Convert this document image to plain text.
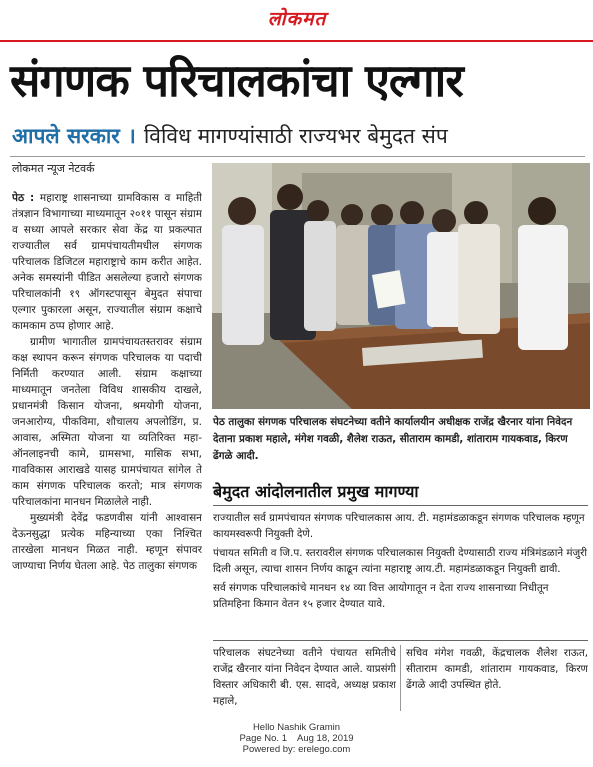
लोकमत
संगणक परिचालकांचा एल्गार
आपले सरकार । विविध मागण्यांसाठी राज्यभर बेमुदत संप
लोकमत न्यूज नेटवर्क

पेठ : महाराष्ट्र शासनाच्या ग्रामविकास व माहिती तंत्रज्ञान विभागाच्या माध्यमातून २०११ पासून संग्राम व सध्या आपले सरकार सेवा केंद्र या प्रकल्पात राज्यातील सर्व ग्रामपंचायतीमधील संगणक परिचालक डिजिटल महाराष्ट्राचे काम करीत आहेत. अनेक समस्यांनी पीडित असलेल्या हजारो संगणक परिचालकांनी १९ ऑगस्टपासून बेमुदत संपाचा एल्गार पुकारला असून, राज्यातील संग्राम कक्षाचे कामकाम ठप्प होणार आहे.

ग्रामीण भागातील ग्रामपंचायतस्तरावर संग्राम कक्ष स्थापन करून संगणक परिचालक या पदाची निर्मिती करण्यात आली. संग्राम कक्षाच्या माध्यमातून जनतेला विविध शासकीय दाखले, प्रधानमंत्री किसान योजना, श्रमयोगी योजना, जनआरोग्य, पीकविमा, शौचालय अपलोडिंग, प्र. आवास, अस्मिता योजना या व्यतिरिक्त महा-ऑनलाइनची कामे, ग्रामसभा, मासिक सभा, गावविकास आराखडे यासह ग्रामपंचायत सांगेल ते काम संगणक परिचालक करतो; मात्र संगणक परिचालकांना मानधन मिळालेले नाही.

मुख्यमंत्री देवेंद्र फडणवीस यांनी आश्वासन देऊनसुद्धा प्रत्येक महिन्याच्या एका निश्चित तारखेला मानधन मिळत नाही. म्हणून संपावर जाण्याचा निर्णय घेतला आहे. पेठ तालुका संगणक

पेठ तालुका संगणक परिचालक संघटनेच्या वतीने कार्यालयीन अधीक्षक राजेंद्र खैरनार यांना निवेदन देताना प्रकाश महाले, मंगेश गवळी, शैलेश राऊत, सीताराम कामडी, शांताराम गायकवाड, किरण ढेंगळे आदी.
बेमुदत आंदोलनातील प्रमुख मागण्या

राज्यातील सर्व ग्रामपंचायत संगणक परिचालकास आय. टी. महामंडळाकडून संगणक परिचालक म्हणून कायमस्वरूपी नियुक्ती देणे.

पंचायत समिती व जि.प. स्तरावरील संगणक परिचालकास नियुक्ती देण्यासाठी राज्य मंत्रिमंडळाने मंजुरी दिली असून, त्याचा शासन निर्णय काढून त्यांना महाराष्ट्र आय.टी. महामंडळाकडून नियुक्ती द्यावी.

सर्व संगणक परिचालकांचे मानधन १४ व्या वित्त आयोगातून न देता राज्य शासनाच्या निधीतून प्रतिमहिना किमान वेतन १५ हजार देण्यात यावे.

परिचालक संघटनेच्या वतीने पंचायत समितीचे राजेंद्र खैरनार यांना निवेदन देण्यात आले. याप्रसंगी विस्तार अधिकारी बी. एस. सादवे, अध्यक्ष प्रकाश महाले,
सचिव मंगेश गवळी, केंद्रचालक शैलेश राऊत, सीताराम कामडी, शांताराम गायकवाड, किरण ढेंगळे आदी उपस्थित होते.
Hello Nashik Gramin
Page No. 1    Aug 18, 2019
Powered by: erelego.com
